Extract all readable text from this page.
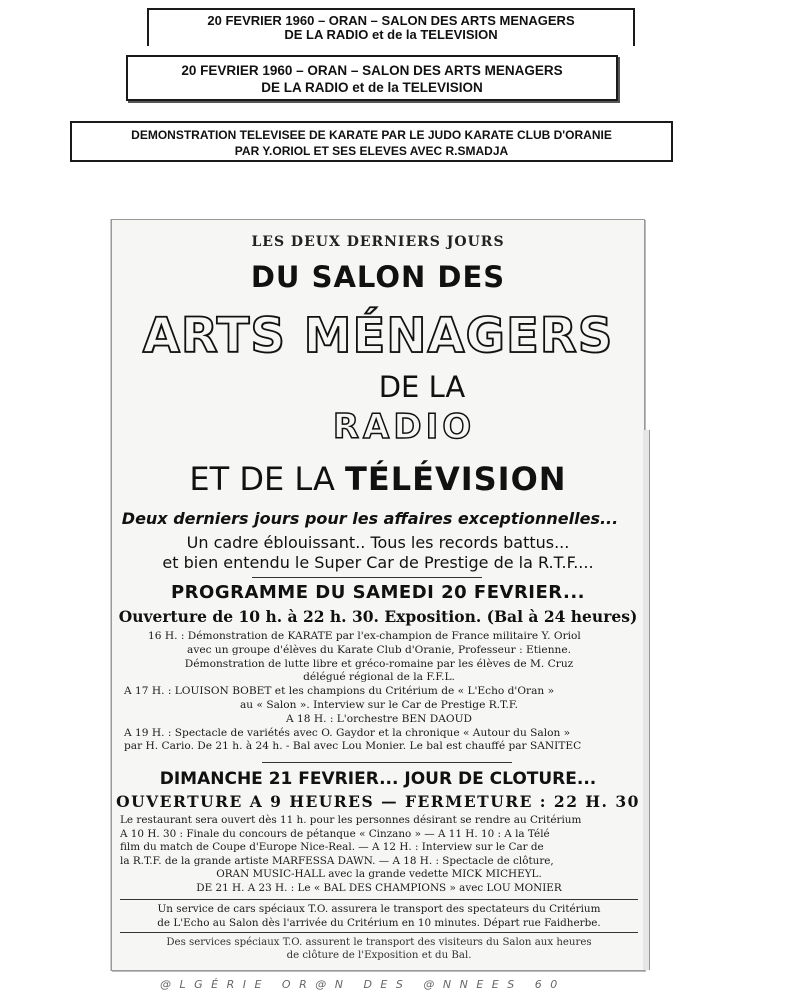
20 FEVRIER 1960 – ORAN – SALON DES ARTS MENAGERS
DE LA RADIO et de la TELEVISION
20 FEVRIER 1960 – ORAN – SALON DES ARTS MENAGERS
DE LA RADIO et de la TELEVISION
DEMONSTRATION TELEVISEE DE KARATE PAR LE JUDO KARATE CLUB D'ORANIE
PAR Y.ORIOL ET SES ELEVES AVEC R.SMADJA
LES DEUX DERNIERS JOURS
DU SALON DES
ARTS MÉNAGERS
DE LA
RADIO
ET DE LA TÉLÉVISION
Deux derniers jours pour les affaires exceptionnelles...
Un cadre éblouissant.. Tous les records battus...
et bien entendu le Super Car de Prestige de la R.T.F....
PROGRAMME DU SAMEDI 20 FEVRIER...
Ouverture de 10 h. à 22 h. 30. Exposition. (Bal à 24 heures)

16 H. : Démonstration de KARATE par l'ex-champion de France militaire Y. Oriol

avec un groupe d'élèves du Karate Club d'Oranie, Professeur : Etienne.

Démonstration de lutte libre et gréco-romaine par les élèves de M. Cruz

délégué régional de la F.F.L.

A 17 H. : LOUISON BOBET et les champions du Critérium de « L'Echo d'Oran »

au « Salon ». Interview sur le Car de Prestige R.T.F.

A 18 H. : L'orchestre BEN DAOUD

A 19 H. : Spectacle de variétés avec O. Gaydor et la chronique « Autour du Salon »

par H. Cario. De 21 h. à 24 h. - Bal avec Lou Monier. Le bal est chauffé par SANITEC

DIMANCHE 21 FEVRIER... JOUR DE CLOTURE...
OUVERTURE A 9 HEURES — FERMETURE : 22 H. 30

Le restaurant sera ouvert dès 11 h. pour les personnes désirant se rendre au Critérium

A 10 H. 30 : Finale du concours de pétanque « Cinzano » — A 11 H. 10 : A la Télé

film du match de Coupe d'Europe Nice-Real. — A 12 H. : Interview sur le Car de

la R.T.F. de la grande artiste MARFESSA DAWN. — A 18 H. : Spectacle de clôture,

ORAN MUSIC-HALL avec la grande vedette MICK MICHEYL.

DE 21 H. A 23 H. : Le « BAL DES CHAMPIONS » avec LOU MONIER

Un service de cars spéciaux T.O. assurera le transport des spectateurs du Critérium

de L'Echo au Salon dès l'arrivée du Critérium en 10 minutes. Départ rue Faidherbe.

Des services spéciaux T.O. assurent le transport des visiteurs du Salon aux heures

de clôture de l'Exposition et du Bal.

@LGÉRIE OR@N DES @NNEES 60
